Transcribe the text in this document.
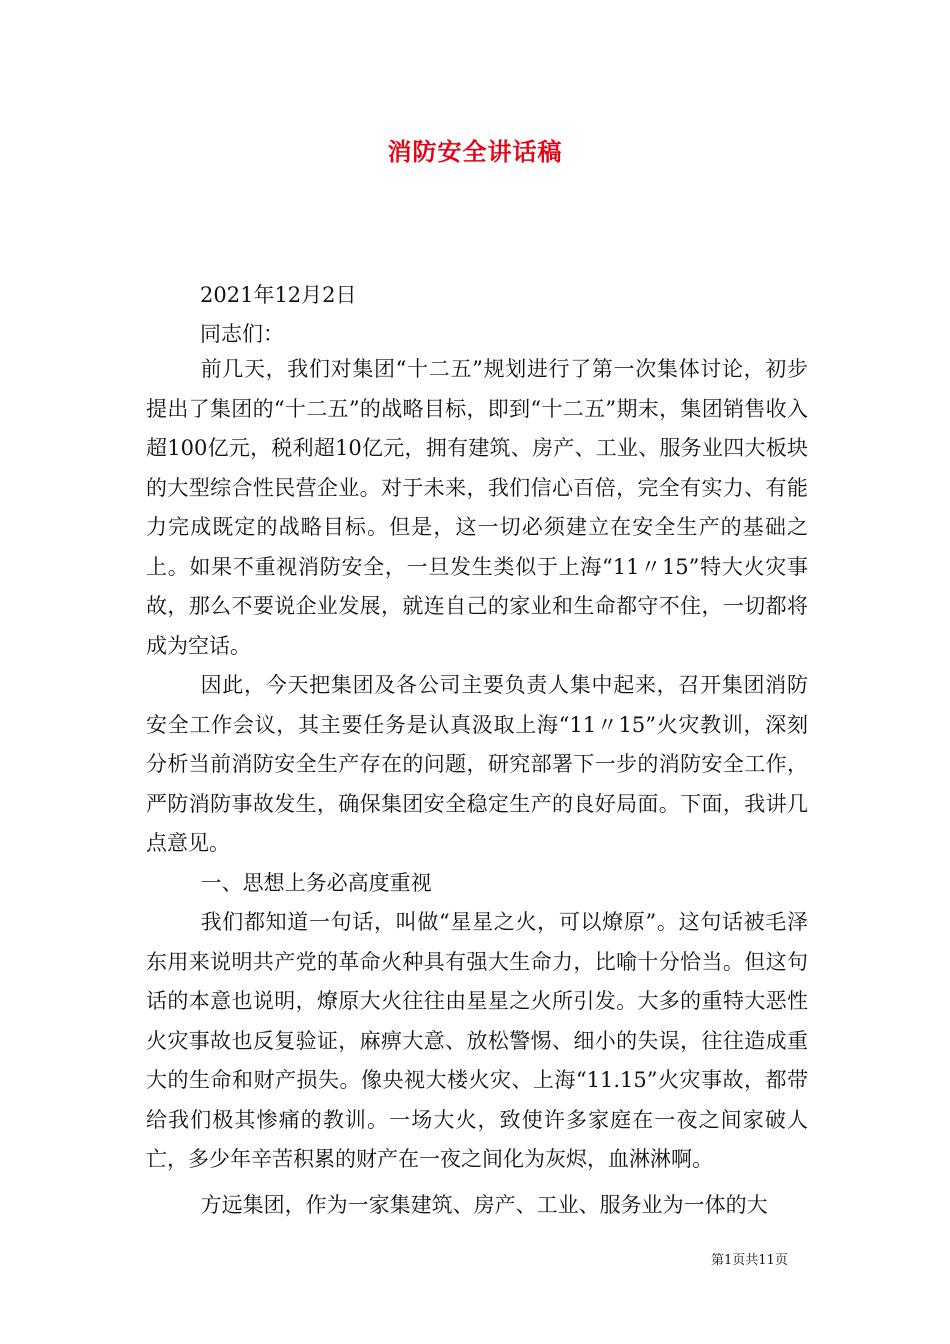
消防安全讲话稿
2021年12月2日
同志们：

前几天，我们对集团“十二五”规划进行了第一次集体讨论，初步提出了集团的“十二五”的战略目标，即到“十二五”期末，集团销售收入超100亿元，税利超10亿元，拥有建筑、房产、工业、服务业四大板块的大型综合性民营企业。对于未来，我们信心百倍，完全有实力、有能力完成既定的战略目标。但是，这一切必须建立在安全生产的基础之上。如果不重视消防安全，一旦发生类似于上海“11〃15”特大火灾事故，那么不要说企业发展，就连自己的家业和生命都守不住，一切都将成为空话。

因此，今天把集团及各公司主要负责人集中起来，召开集团消防安全工作会议，其主要任务是认真汲取上海“11〃15”火灾教训，深刻分析当前消防安全生产存在的问题，研究部署下一步的消防安全工作，严防消防事故发生，确保集团安全稳定生产的良好局面。下面，我讲几点意见。

一、思想上务必高度重视

我们都知道一句话，叫做“星星之火，可以燎原”。这句话被毛泽东用来说明共产党的革命火种具有强大生命力，比喻十分恰当。但这句话的本意也说明，燎原大火往往由星星之火所引发。大多的重特大恶性火灾事故也反复验证，麻痹大意、放松警惕、细小的失误，往往造成重大的生命和财产损失。像央视大楼火灾、上海“11.15”火灾事故，都带给我们极其惨痛的教训。一场大火，致使许多家庭在一夜之间家破人亡，多少年辛苦积累的财产在一夜之间化为灰烬，血淋淋啊。

方远集团，作为一家集建筑、房产、工业、服务业为一体的大

第1页共11页
